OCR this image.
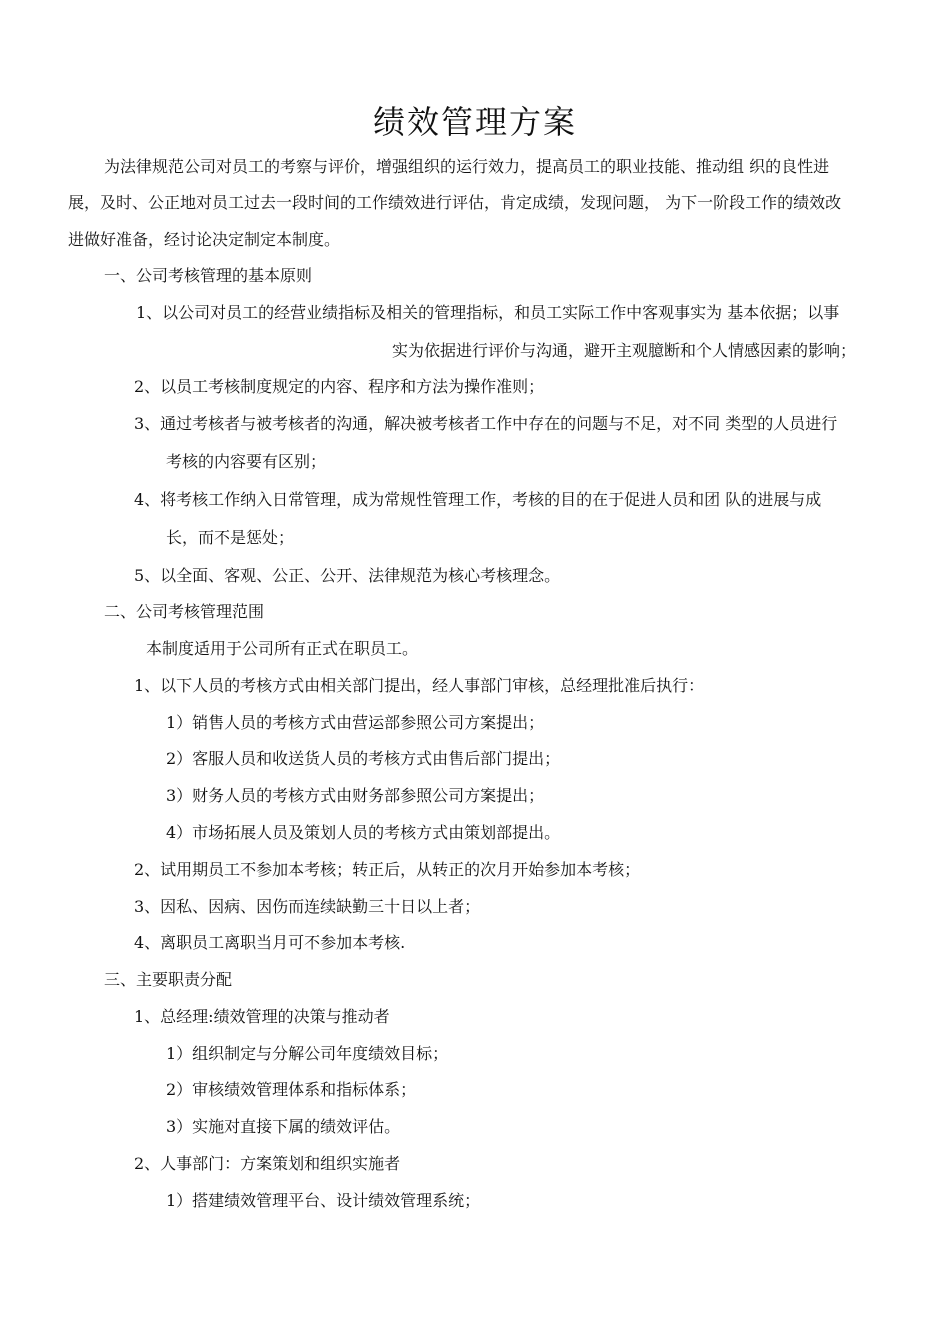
绩效管理方案
为法律规范公司对员工的考察与评价，增强组织的运行效力，提高员工的职业技能、推动组 织的良性进
展，及时、公正地对员工过去一段时间的工作绩效进行评估，肯定成绩，发现问题， 为下一阶段工作的绩效改
进做好准备，经讨论决定制定本制度。
一、公司考核管理的基本原则
1、以公司对员工的经营业绩指标及相关的管理指标，和员工实际工作中客观事实为 基本依据；以事
实为依据进行评价与沟通，避开主观臆断和个人情感因素的影响；
2、以员工考核制度规定的内容、程序和方法为操作准则；
3、通过考核者与被考核者的沟通，解决被考核者工作中存在的问题与不足，对不同 类型的人员进行
考核的内容要有区别；
4、将考核工作纳入日常管理，成为常规性管理工作，考核的目的在于促进人员和团 队的进展与成
长，而不是惩处；
5、以全面、客观、公正、公开、法律规范为核心考核理念。
二、公司考核管理范围
本制度适用于公司所有正式在职员工。
1、以下人员的考核方式由相关部门提出，经人事部门审核，总经理批准后执行：
1）销售人员的考核方式由营运部参照公司方案提出；
2）客服人员和收送货人员的考核方式由售后部门提出；
3）财务人员的考核方式由财务部参照公司方案提出；
4）市场拓展人员及策划人员的考核方式由策划部提出。
2、试用期员工不参加本考核；转正后，从转正的次月开始参加本考核；
3、因私、因病、因伤而连续缺勤三十日以上者；
4、离职员工离职当月可不参加本考核.
三、主要职责分配
1、总经理:绩效管理的决策与推动者
1）组织制定与分解公司年度绩效目标；
2）审核绩效管理体系和指标体系；
3）实施对直接下属的绩效评估。
2、人事部门：方案策划和组织实施者
1）搭建绩效管理平台、设计绩效管理系统；
